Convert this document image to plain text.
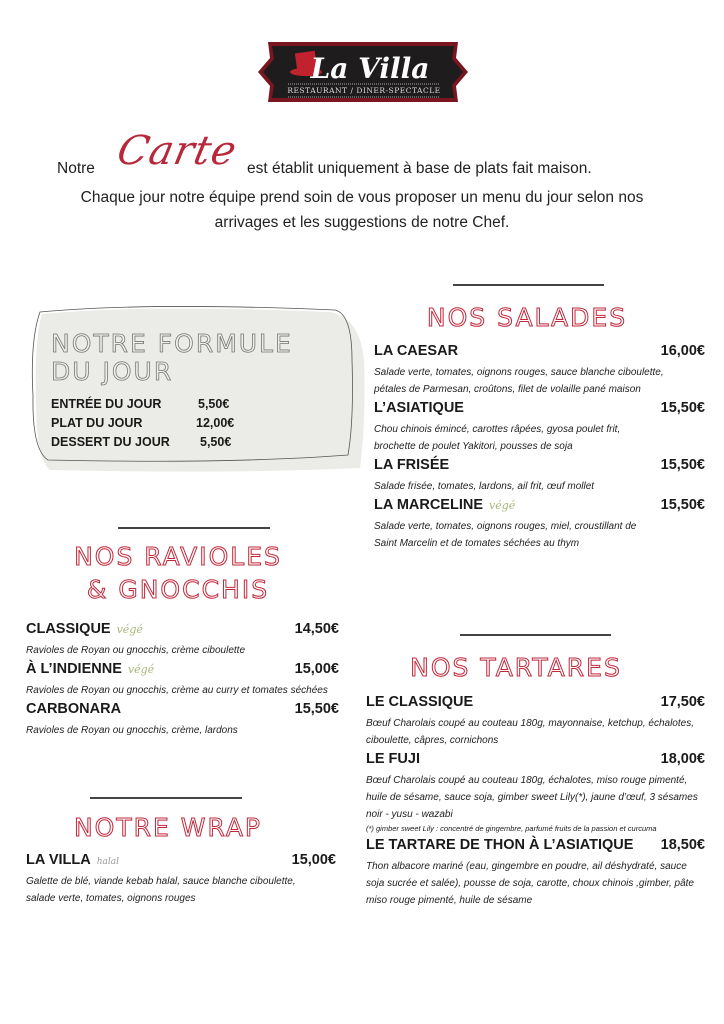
La Villa
RESTAURANT / DINER-SPECTACLE
Notre Carte est établit uniquement à base de plats fait maison.
Chaque jour notre équipe prend soin de vous proposer un menu du jour selon nos
arrivages et les suggestions de notre Chef.
NOTRE FORMULE
DU JOUR
ENTRÉE DU JOUR	5,50€
PLAT DU JOUR	12,00€
DESSERT DU JOUR 5,50€
NOS RAVIOLES
& GNOCCHIS
CLASSIQUE végé	14,50€
Ravioles de Royan ou gnocchis, crème ciboulette
À L’INDIENNE végé	15,00€
Ravioles de Royan ou gnocchis, crème au curry et tomates séchées
CARBONARA	15,50€
Ravioles de Royan ou gnocchis, crème, lardons
NOTRE WRAP
LA VILLA halal	15,00€
Galette de blé, viande kebab halal, sauce blanche ciboulette,
salade verte, tomates, oignons rouges
NOS SALADES
LA CAESAR	16,00€
Salade verte, tomates, oignons rouges, sauce blanche ciboulette,
pétales de Parmesan, croûtons, filet de volaille pané maison
L’ASIATIQUE	15,50€
Chou chinois émincé, carottes râpées, gyosa poulet frit,
brochette de poulet Yakitori, pousses de soja
LA FRISÉE	15,50€
Salade frisée, tomates, lardons, ail frit, œuf mollet
LA MARCELINE végé	15,50€
Salade verte, tomates, oignons rouges, miel, croustillant de
Saint Marcelin et de tomates séchées au thym
NOS TARTARES
LE CLASSIQUE	17,50€
Bœuf Charolais coupé au couteau 180g, mayonnaise, ketchup, échalotes,
ciboulette, câpres, cornichons
LE FUJI	18,00€
Bœuf Charolais coupé au couteau 180g, échalotes, miso rouge pimenté,
huile de sésame, sauce soja, gimber sweet Lily(*), jaune d’œuf, 3 sésames
noir - yusu - wazabi
(*) gimber sweet Lily : concentré de gingembre, parfumé fruits de la passion et curcuma
LE TARTARE DE THON À L’ASIATIQUE 18,50€
Thon albacore mariné (eau, gingembre en poudre, ail déshydraté, sauce
soja sucrée et salée), pousse de soja, carotte, choux chinois ,gimber, pâte
miso rouge pimenté, huile de sésame
